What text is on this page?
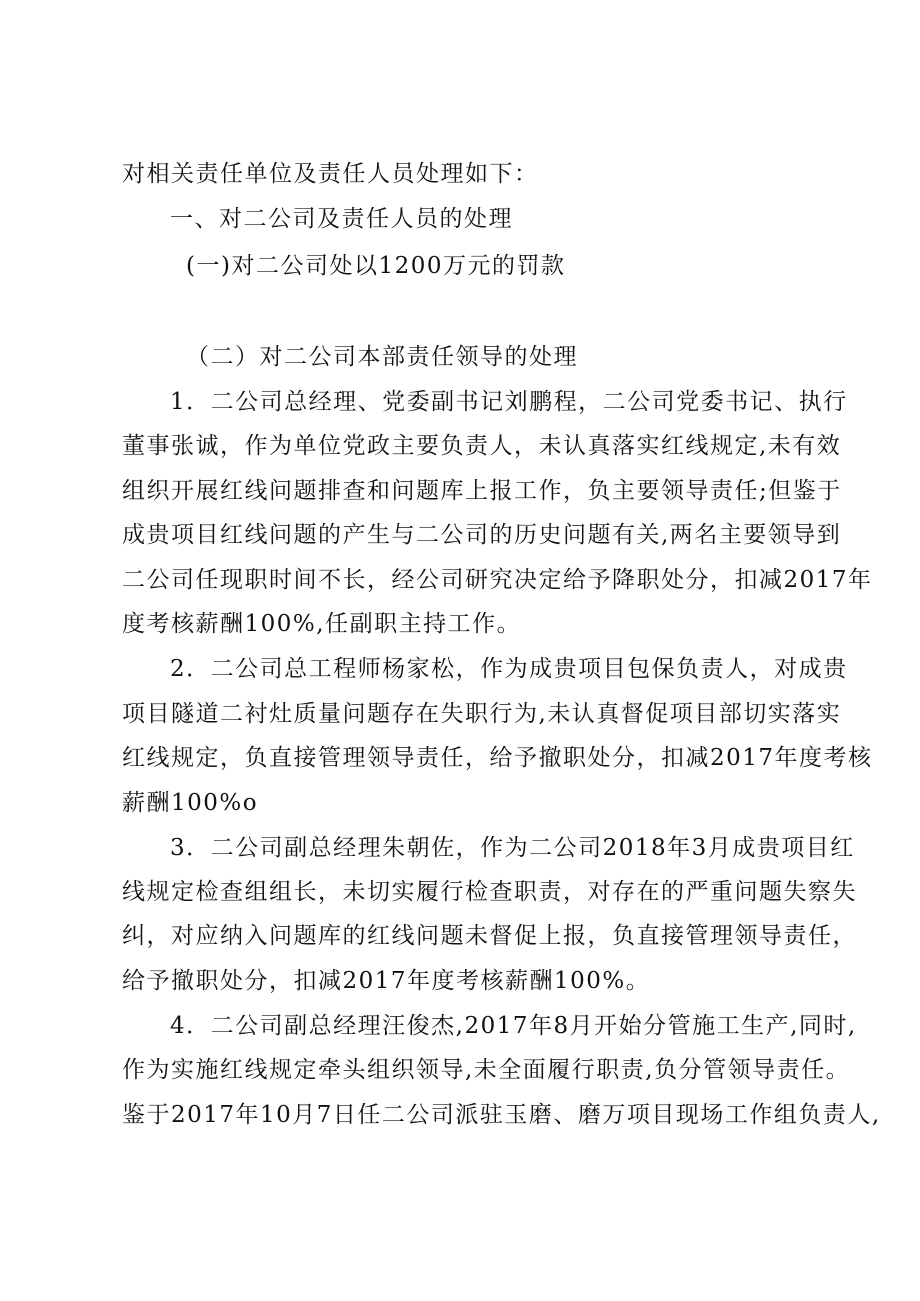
对相关责任单位及责任人员处理如下：
一、对二公司及责任人员的处理
(一)对二公司处以1200万元的罚款
（二）对二公司本部责任领导的处理
1．二公司总经理、党委副书记刘鹏程，二公司党委书记、执行
董事张诚，作为单位党政主要负责人，未认真落实红线规定,未有效
组织开展红线问题排查和问题库上报工作，负主要领导责任;但鉴于
成贵项目红线问题的产生与二公司的历史问题有关,两名主要领导到
二公司任现职时间不长，经公司研究决定给予降职处分，扣减2017年
度考核薪酬100%,任副职主持工作。
2．二公司总工程师杨家松，作为成贵项目包保负责人，对成贵
项目隧道二衬灶质量问题存在失职行为,未认真督促项目部切实落实
红线规定，负直接管理领导责任，给予撤职处分，扣减2017年度考核
薪酬100%o
3．二公司副总经理朱朝佐，作为二公司2018年3月成贵项目红
线规定检查组组长，未切实履行检查职责，对存在的严重问题失察失
纠，对应纳入问题库的红线问题未督促上报，负直接管理领导责任，
给予撤职处分，扣减2017年度考核薪酬100%。
4．二公司副总经理汪俊杰,2017年8月开始分管施工生产,同时,
作为实施红线规定牵头组织领导,未全面履行职责,负分管领导责任。
鉴于2017年10月7日任二公司派驻玉磨、磨万项目现场工作组负责人,
